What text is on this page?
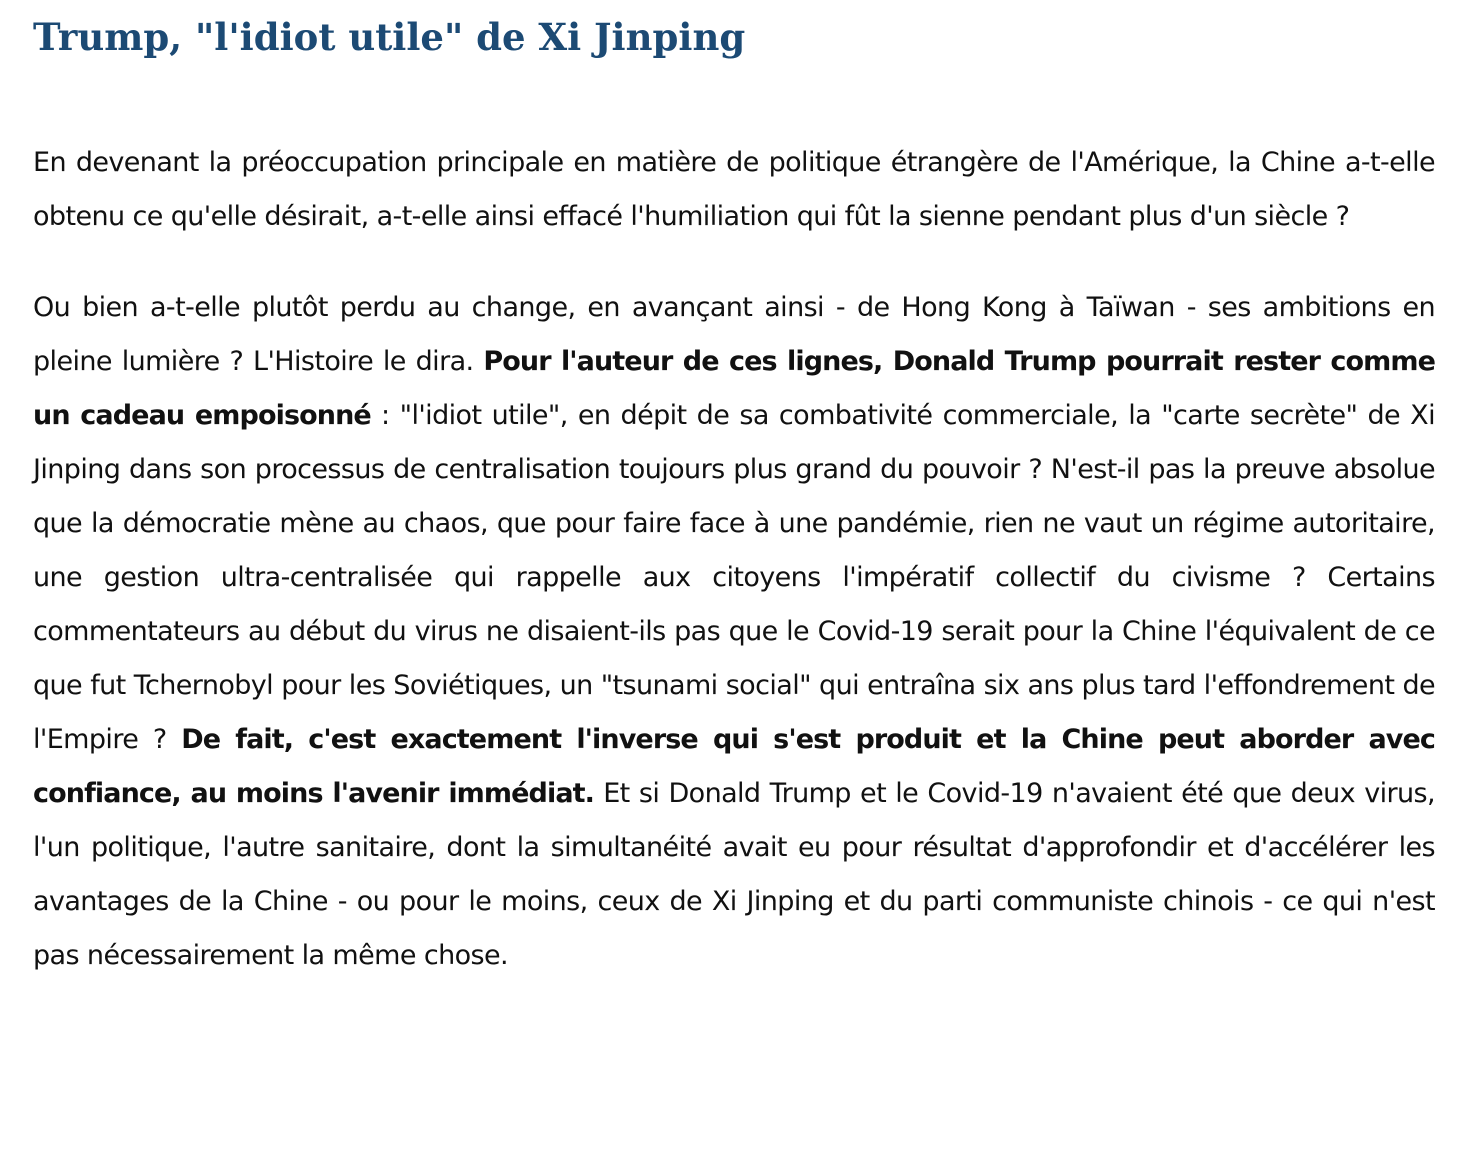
Trump, "l'idiot utile" de Xi Jinping

En devenant la préoccupation principale en matière de politique étrangère de l'Amérique, la Chine a-t-elle obtenu ce qu'elle désirait, a-t-elle ainsi effacé l'humiliation qui fût la sienne pendant plus d'un siècle ?

Ou bien a-t-elle plutôt perdu au change, en avançant ainsi - de Hong Kong à Taïwan - ses ambitions en pleine lumière ? L'Histoire le dira. Pour l'auteur de ces lignes, Donald Trump pourrait rester comme un cadeau empoisonné : "l'idiot utile", en dépit de sa combativité commerciale, la "carte secrète" de Xi Jinping dans son processus de centralisation toujours plus grand du pouvoir ? N'est-il pas la preuve absolue que la démocratie mène au chaos, que pour faire face à une pandémie, rien ne vaut un régime autoritaire, une gestion ultra-centralisée qui rappelle aux citoyens l'impératif collectif du civisme ? Certains commentateurs au début du virus ne disaient-ils pas que le Covid-19 serait pour la Chine l'équivalent de ce que fut Tchernobyl pour les Soviétiques, un "tsunami social" qui entraîna six ans plus tard l'effondrement de l'Empire ? De fait, c'est exactement l'inverse qui s'est produit et la Chine peut aborder avec confiance, au moins l'avenir immédiat. Et si Donald Trump et le Covid-19 n'avaient été que deux virus, l'un politique, l'autre sanitaire, dont la simultanéité avait eu pour résultat d'approfondir et d'accélérer les avantages de la Chine - ou pour le moins, ceux de Xi Jinping et du parti communiste chinois - ce qui n'est pas nécessairement la même chose.
